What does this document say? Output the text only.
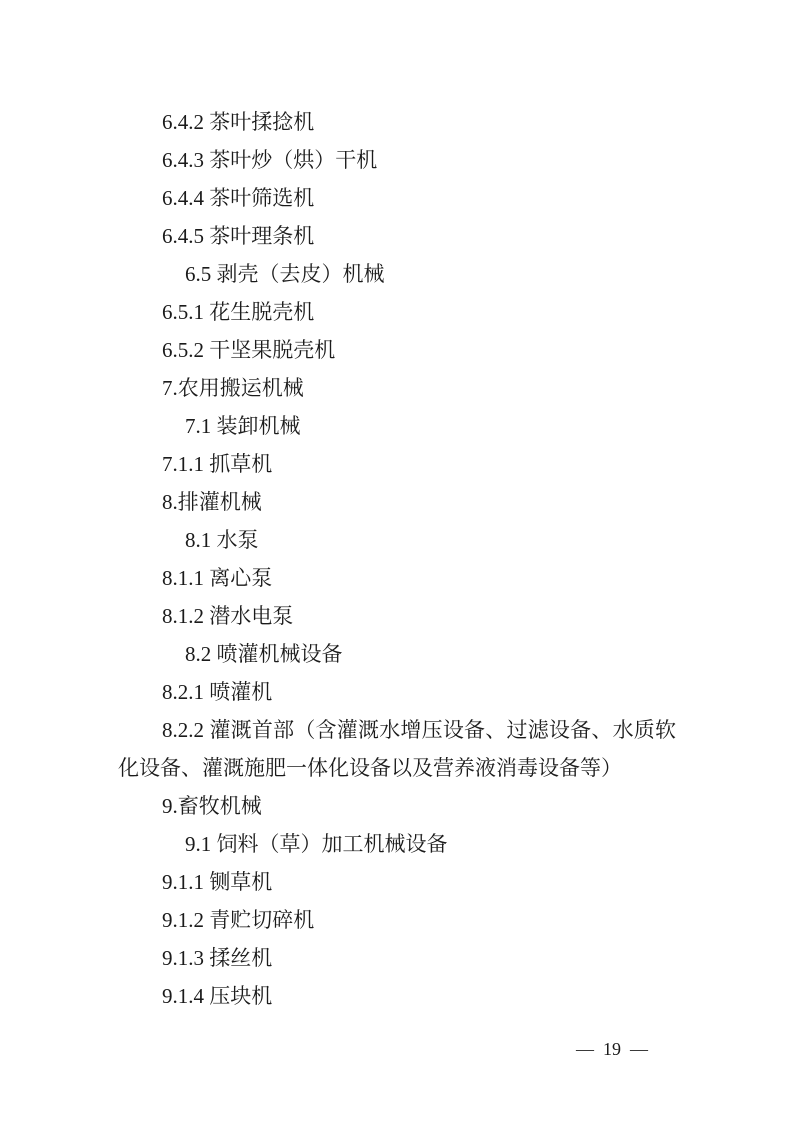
6.4.2 茶叶揉捻机
6.4.3 茶叶炒（烘）干机
6.4.4 茶叶筛选机
6.4.5 茶叶理条机
6.5 剥壳（去皮）机械
6.5.1 花生脱壳机
6.5.2 干坚果脱壳机
7.农用搬运机械
7.1 装卸机械
7.1.1 抓草机
8.排灌机械
8.1 水泵
8.1.1 离心泵
8.1.2 潜水电泵
8.2 喷灌机械设备
8.2.1 喷灌机
8.2.2 灌溉首部（含灌溉水增压设备、过滤设备、水质软
化设备、灌溉施肥一体化设备以及营养液消毒设备等）
9.畜牧机械
9.1 饲料（草）加工机械设备
9.1.1 铡草机
9.1.2 青贮切碎机
9.1.3 揉丝机
9.1.4 压块机
— 19 —
